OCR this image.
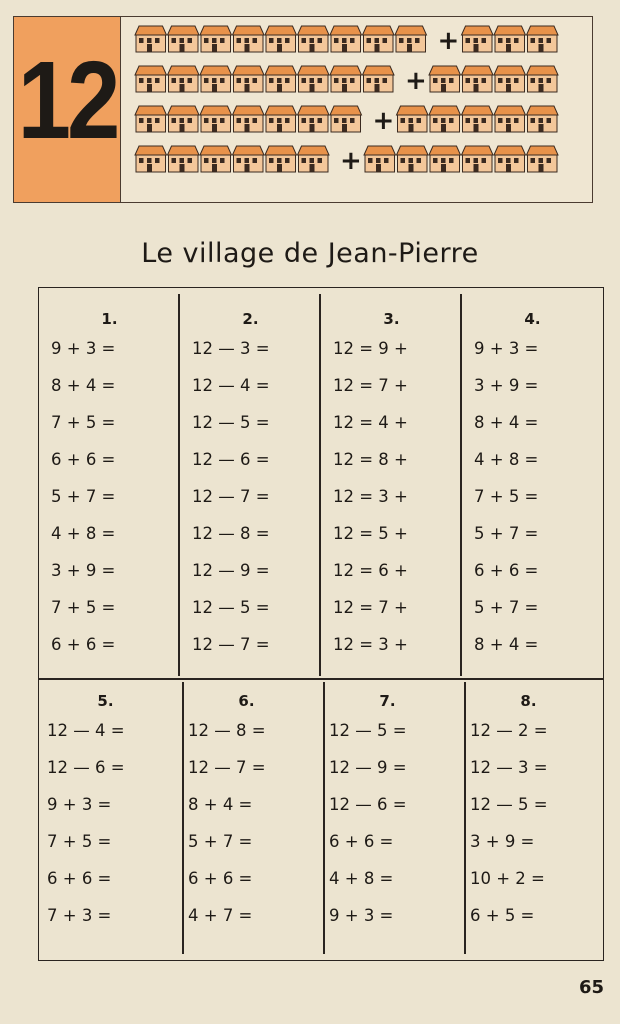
12	+
+
+
+
Le village de Jean-Pierre
1.
9 + 3 =
8 + 4 =
7 + 5 =
6 + 6 =
5 + 7 =
4 + 8 =
3 + 9 =
7 + 5 =
6 + 6 =
2.
12 — 3 =
12 — 4 =
12 — 5 =
12 — 6 =
12 — 7 =
12 — 8 =
12 — 9 =
12 — 5 =
12 — 7 =
3.
12 = 9 +
12 = 7 +
12 = 4 +
12 = 8 +
12 = 3 +
12 = 5 +
12 = 6 +
12 = 7 +
12 = 3 +
4.
9 + 3 =
3 + 9 =
8 + 4 =
4 + 8 =
7 + 5 =
5 + 7 =
6 + 6 =
5 + 7 =
8 + 4 =
5.
12 — 4 =
12 — 6 =
9 + 3 =
7 + 5 =
6 + 6 =
7 + 3 =
6.
12 — 8 =
12 — 7 =
8 + 4 =
5 + 7 =
6 + 6 =
4 + 7 =
7.
12 — 5 =
12 — 9 =
12 — 6 =
6 + 6 =
4 + 8 =
9 + 3 =
8.
12 — 2 =
12 — 3 =
12 — 5 =
3 + 9 =
10 + 2 =
6 + 5 =
65
